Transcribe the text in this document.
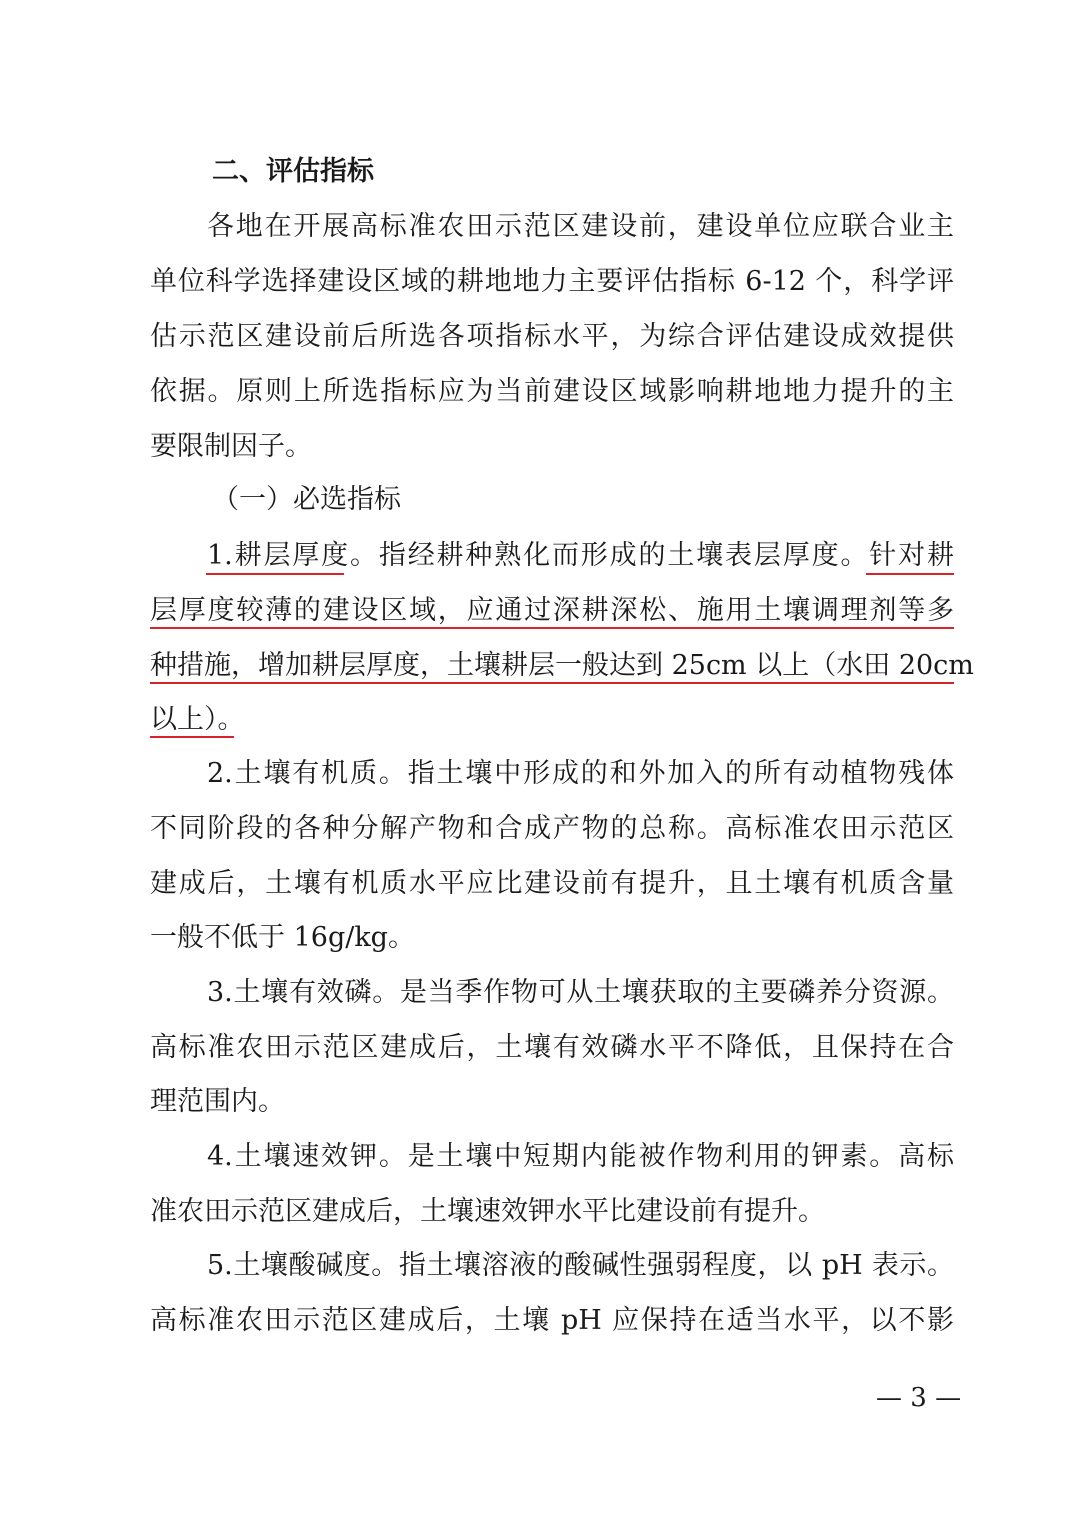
二、评估指标
各地在开展高标准农田示范区建设前，建设单位应联合业主
单位科学选择建设区域的耕地地力主要评估指标 6-12 个，科学评
估示范区建设前后所选各项指标水平，为综合评估建设成效提供
依据。原则上所选指标应为当前建设区域影响耕地地力提升的主
要限制因子。
（一）必选指标
1.耕层厚度。指经耕种熟化而形成的土壤表层厚度。针对耕
层厚度较薄的建设区域，应通过深耕深松、施用土壤调理剂等多
种措施，增加耕层厚度，土壤耕层一般达到 25cm 以上（水田 20cm
以上）。
2.土壤有机质。指土壤中形成的和外加入的所有动植物残体
不同阶段的各种分解产物和合成产物的总称。高标准农田示范区
建成后，土壤有机质水平应比建设前有提升，且土壤有机质含量
一般不低于 16g/kg。
3.土壤有效磷。是当季作物可从土壤获取的主要磷养分资源。
高标准农田示范区建成后，土壤有效磷水平不降低，且保持在合
理范围内。
4.土壤速效钾。是土壤中短期内能被作物利用的钾素。高标
准农田示范区建成后，土壤速效钾水平比建设前有提升。
5.土壤酸碱度。指土壤溶液的酸碱性强弱程度，以 pH 表示。
高标准农田示范区建成后，土壤 pH 应保持在适当水平，以不影
— 3 —
